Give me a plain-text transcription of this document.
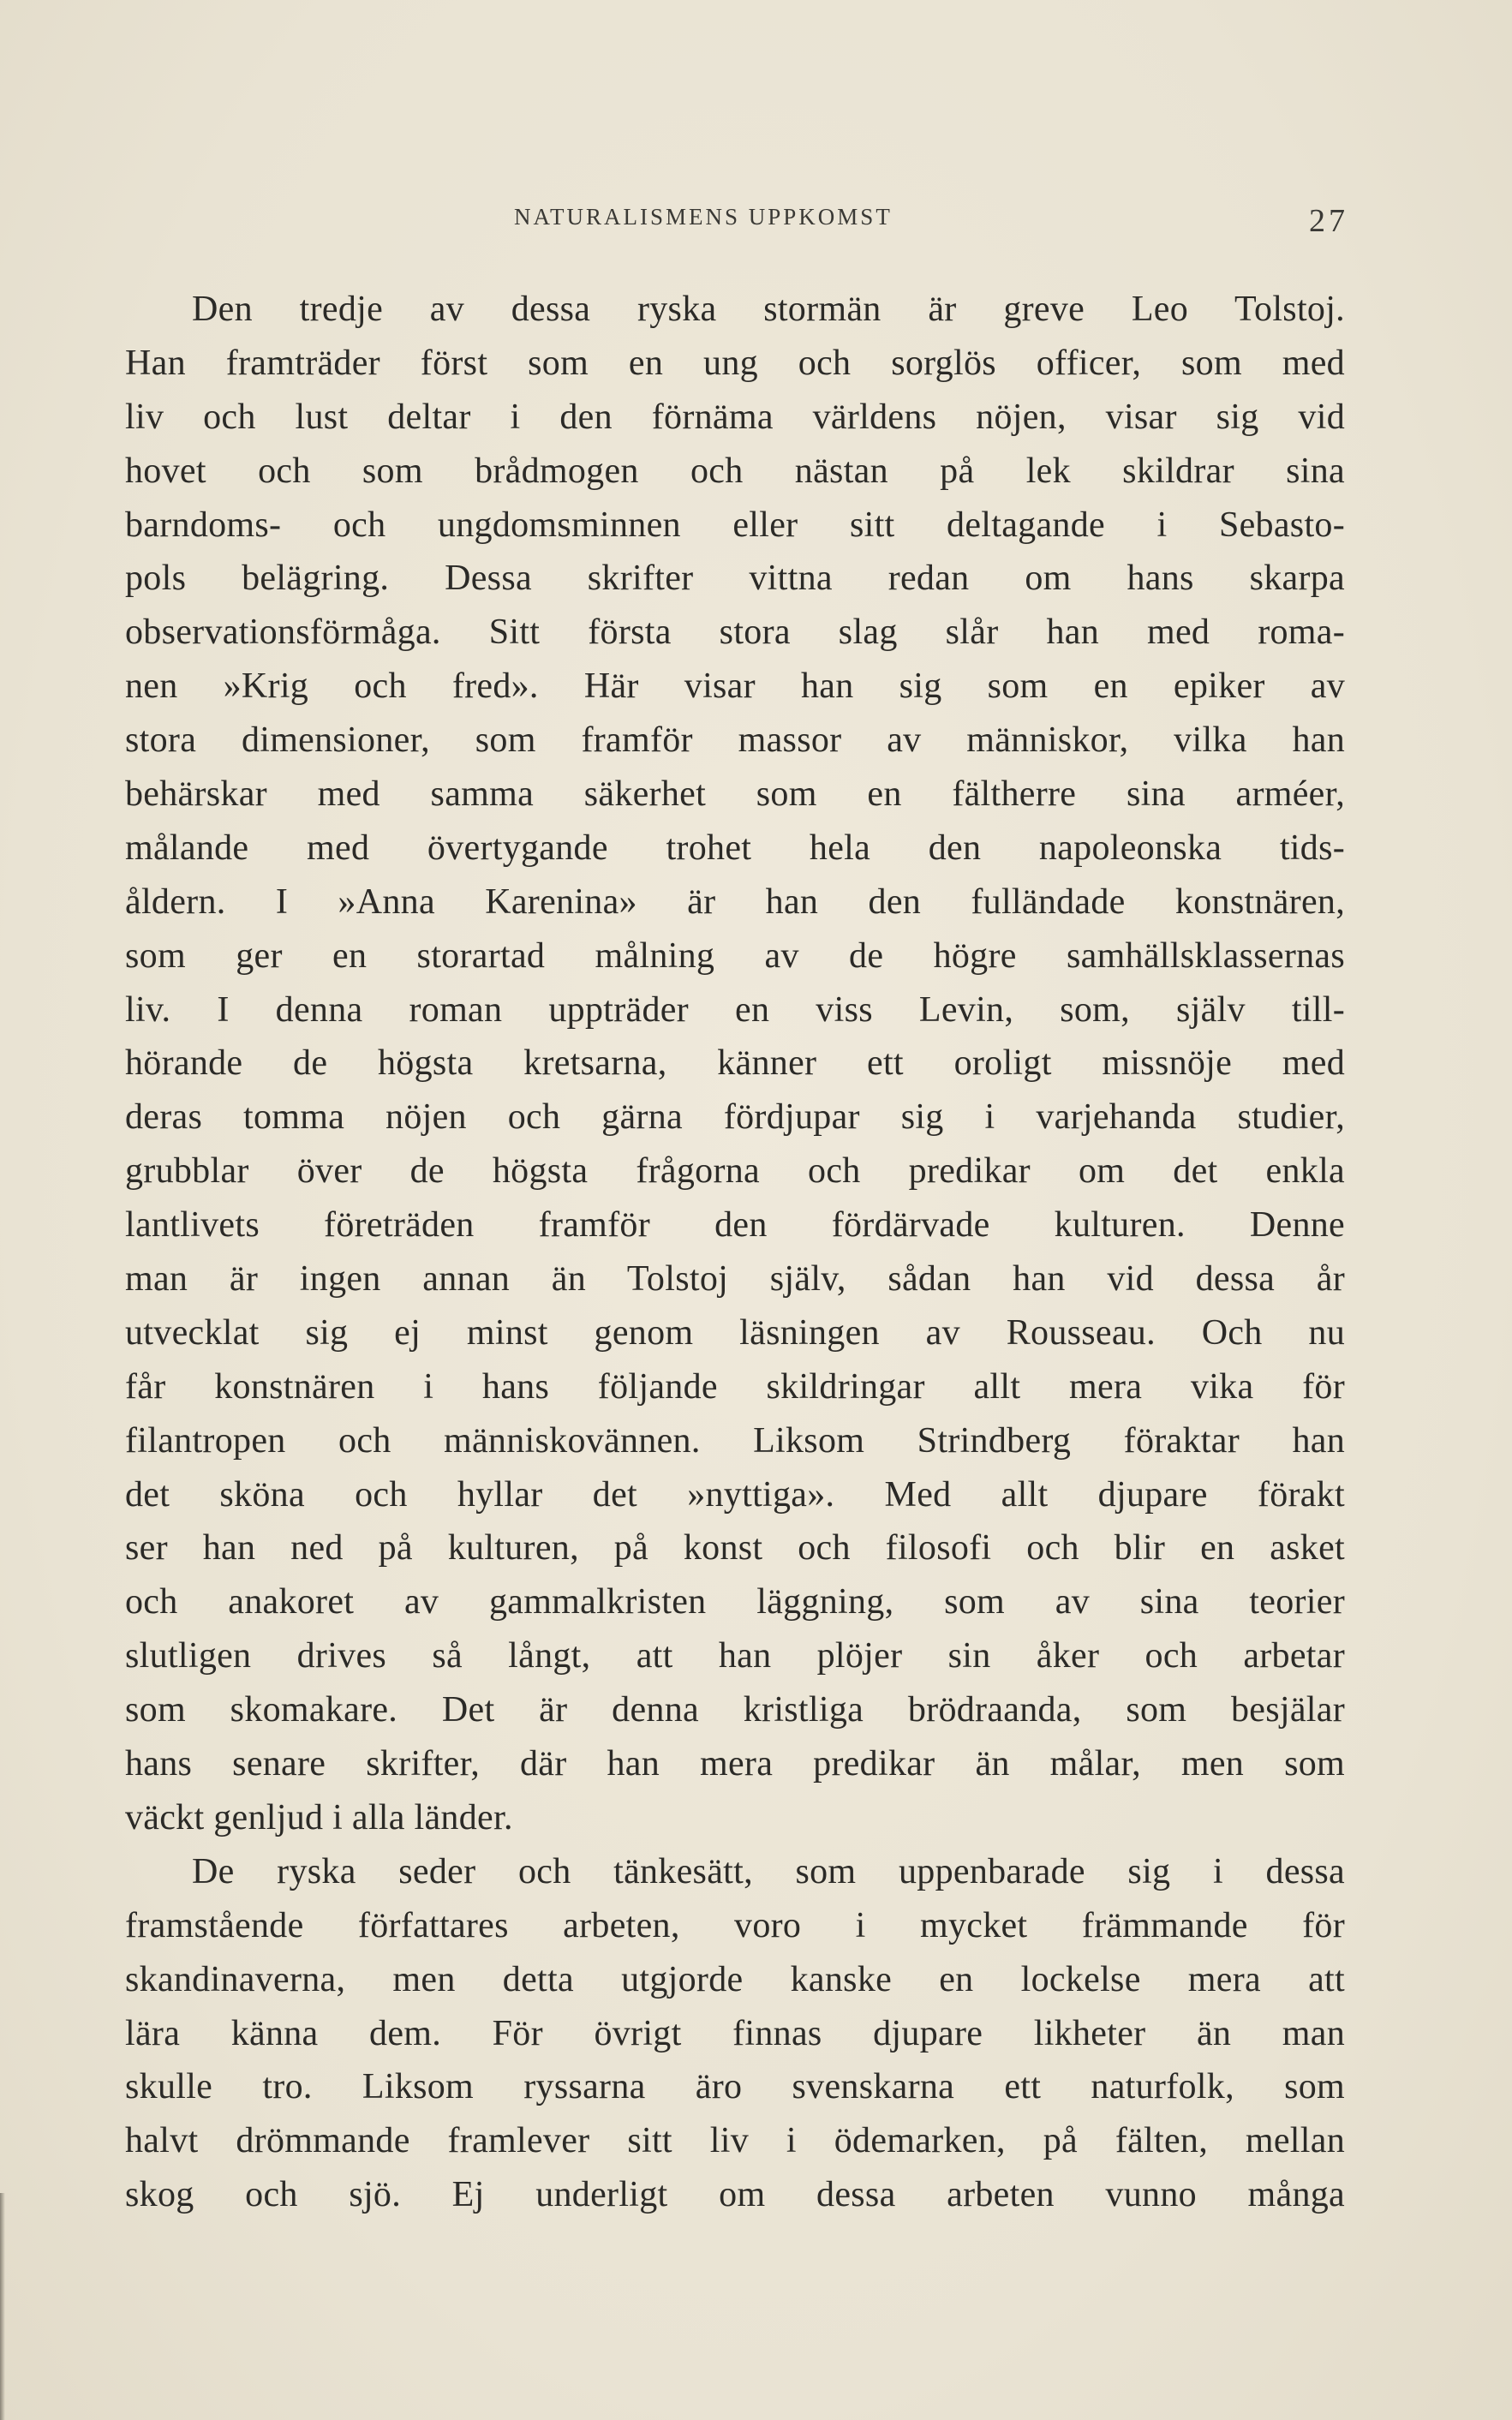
NATURALISMENS UPPKOMST	27
Den tredje av dessa ryska stormän är greve Leo Tolstoj.
Han framträder först som en ung och sorglös officer, som med
liv och lust deltar i den förnäma världens nöjen, visar sig vid
hovet och som brådmogen och nästan på lek skildrar sina
barndoms- och ungdomsminnen eller sitt deltagande i Sebasto-
pols belägring. Dessa skrifter vittna redan om hans skarpa
observationsförmåga. Sitt första stora slag slår han med roma-
nen »Krig och fred». Här visar han sig som en epiker av
stora dimensioner, som framför massor av människor, vilka han
behärskar med samma säkerhet som en fältherre sina arméer,
målande med övertygande trohet hela den napoleonska tids-
åldern. I »Anna Karenina» är han den fulländade konstnären,
som ger en storartad målning av de högre samhällsklassernas
liv. I denna roman uppträder en viss Levin, som, själv till-
hörande de högsta kretsarna, känner ett oroligt missnöje med
deras tomma nöjen och gärna fördjupar sig i varjehanda studier,
grubblar över de högsta frågorna och predikar om det enkla
lantlivets företräden framför den fördärvade kulturen. Denne
man är ingen annan än Tolstoj själv, sådan han vid dessa år
utvecklat sig ej minst genom läsningen av Rousseau. Och nu
får konstnären i hans följande skildringar allt mera vika för
filantropen och människovännen. Liksom Strindberg föraktar han
det sköna och hyllar det »nyttiga». Med allt djupare förakt
ser han ned på kulturen, på konst och filosofi och blir en asket
och anakoret av gammalkristen läggning, som av sina teorier
slutligen drives så långt, att han plöjer sin åker och arbetar
som skomakare. Det är denna kristliga brödraanda, som besjälar
hans senare skrifter, där han mera predikar än målar, men som
väckt genljud i alla länder.
De ryska seder och tänkesätt, som uppenbarade sig i dessa
framstående författares arbeten, voro i mycket främmande för
skandinaverna, men detta utgjorde kanske en lockelse mera att
lära känna dem. För övrigt finnas djupare likheter än man
skulle tro. Liksom ryssarna äro svenskarna ett naturfolk, som
halvt drömmande framlever sitt liv i ödemarken, på fälten, mellan
skog och sjö. Ej underligt om dessa arbeten vunno många
